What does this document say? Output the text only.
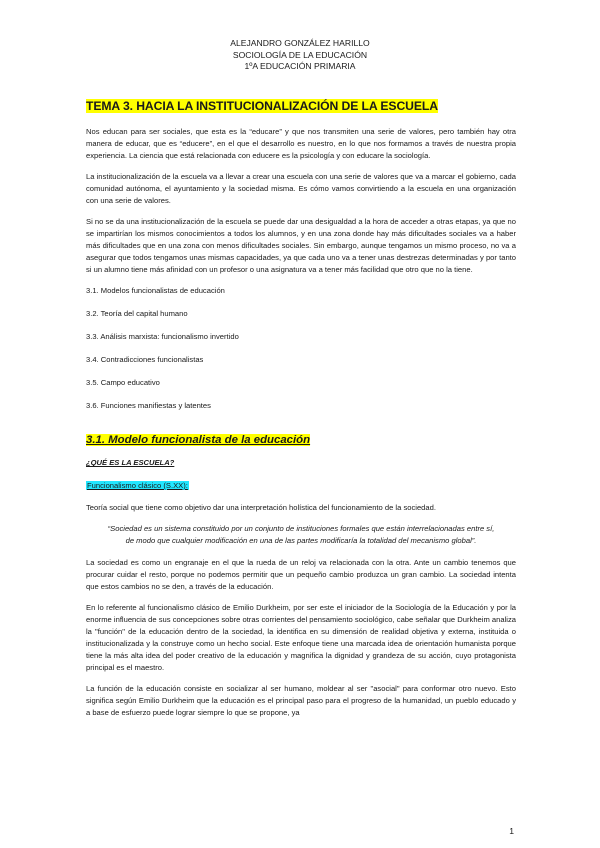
ALEJANDRO GONZÁLEZ HARILLO
SOCIOLOGÍA DE LA EDUCACIÓN
1ºA EDUCACIÓN PRIMARIA
TEMA 3. HACIA LA INSTITUCIONALIZACIÓN DE LA ESCUELA

Nos educan para ser sociales, que esta es la “educare” y que nos transmiten una serie de valores, pero también hay otra manera de educar, que es “educere”, en el que el desarrollo es nuestro, en lo que nos formamos a través de nuestra propia experiencia. La ciencia que está relacionada con educere es la psicología y con educare la sociología.

La institucionalización de la escuela va a llevar a crear una escuela con una serie de valores que va a marcar el gobierno, cada comunidad autónoma, el ayuntamiento y la sociedad misma. Es cómo vamos convirtiendo a la escuela en una organización con una serie de valores.

Si no se da una institucionalización de la escuela se puede dar una desigualdad a la hora de acceder a otras etapas, ya que no se impartirían los mismos conocimientos a todos los alumnos, y en una zona donde hay más dificultades sociales va a haber más dificultades que en una zona con menos dificultades sociales. Sin embargo, aunque tengamos un mismo proceso, no va a asegurar que todos tengamos unas mismas capacidades, ya que cada uno va a tener unas destrezas determinadas y por tanto si un alumno tiene más afinidad con un profesor o una asignatura va a tener más facilidad que otro que no la tiene.

3.1. Modelos funcionalistas de educación
3.2. Teoría del capital humano
3.3. Análisis marxista: funcionalismo invertido
3.4. Contradicciones funcionalistas
3.5. Campo educativo
3.6. Funciones manifiestas y latentes
3.1. Modelo funcionalista de la educación
¿QUÉ ES LA ESCUELA?
Funcionalismo clásico (S.XX):

Teoría social que tiene como objetivo dar una interpretación holística del funcionamiento de la sociedad.

“Sociedad es un sistema constituido por un conjunto de instituciones formales que están interrelacionadas entre sí, de modo que cualquier modificación en una de las partes modificaría la totalidad del mecanismo global”.

La sociedad es como un engranaje en el que la rueda de un reloj va relacionada con la otra. Ante un cambio tenemos que procurar cuidar el resto, porque no podemos permitir que un pequeño cambio produzca un gran cambio. La sociedad intenta que estos cambios no se den, a través de la educación.

En lo referente al funcionalismo clásico de Emilio Durkheim, por ser este el iniciador de la Sociología de la Educación y por la enorme influencia de sus concepciones sobre otras corrientes del pensamiento sociológico, cabe señalar que Durkheim analiza la "función" de la educación dentro de la sociedad, la identifica en su dimensión de realidad objetiva y externa, instituida o institucionalizada y la construye como un hecho social. Este enfoque tiene una marcada idea de orientación humanista porque tiene la más alta idea del poder creativo de la educación y magnifica la dignidad y grandeza de su acción, cuyo protagonista principal es el maestro.

La función de la educación consiste en socializar al ser humano, moldear al ser "asocial" para conformar otro nuevo. Esto significa según Emilio Durkheim que la educación es el principal paso para el progreso de la humanidad, un pueblo educado y a base de esfuerzo puede lograr siempre lo que se propone, ya

1
